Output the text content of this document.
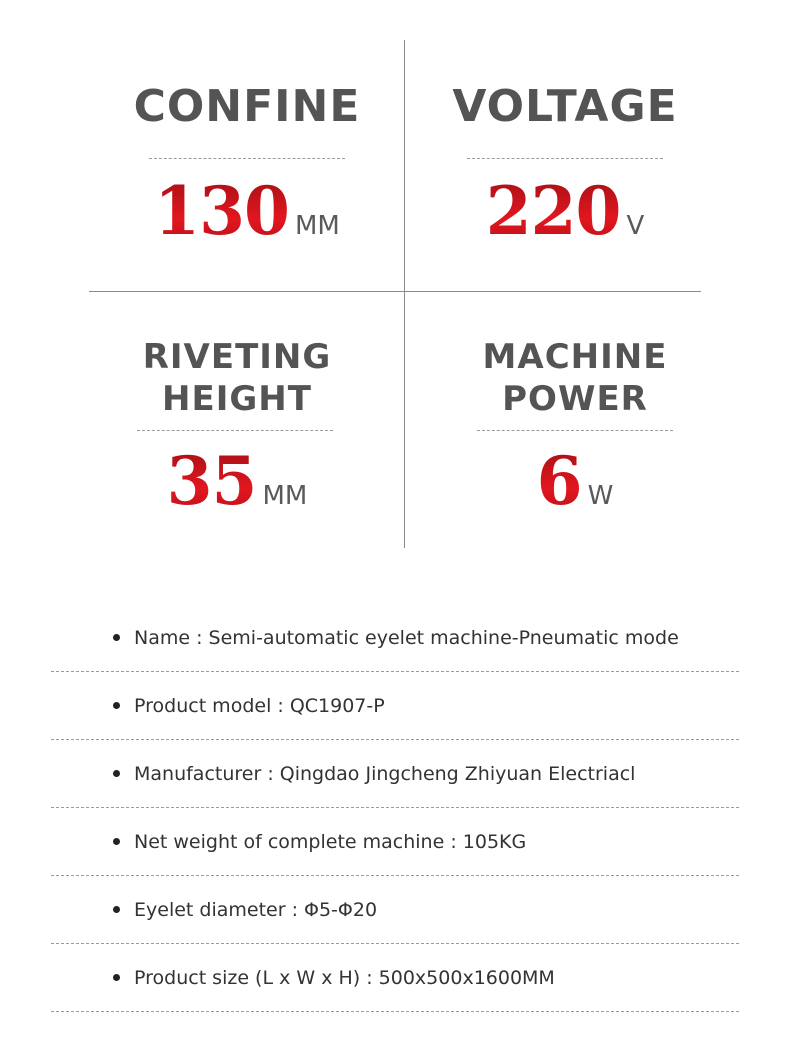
CONFINE
130 MM
VOLTAGE
220 V
RIVETING
HEIGHT
35 MM
MACHINE
POWER
6 W
Name : Semi-automatic eyelet machine-Pneumatic mode
Product model : QC1907-P
Manufacturer : Qingdao Jingcheng Zhiyuan Electriacl
Net weight of complete machine : 105KG
Eyelet diameter : Φ5-Φ20
Product size (L x W x H) : 500x500x1600MM
